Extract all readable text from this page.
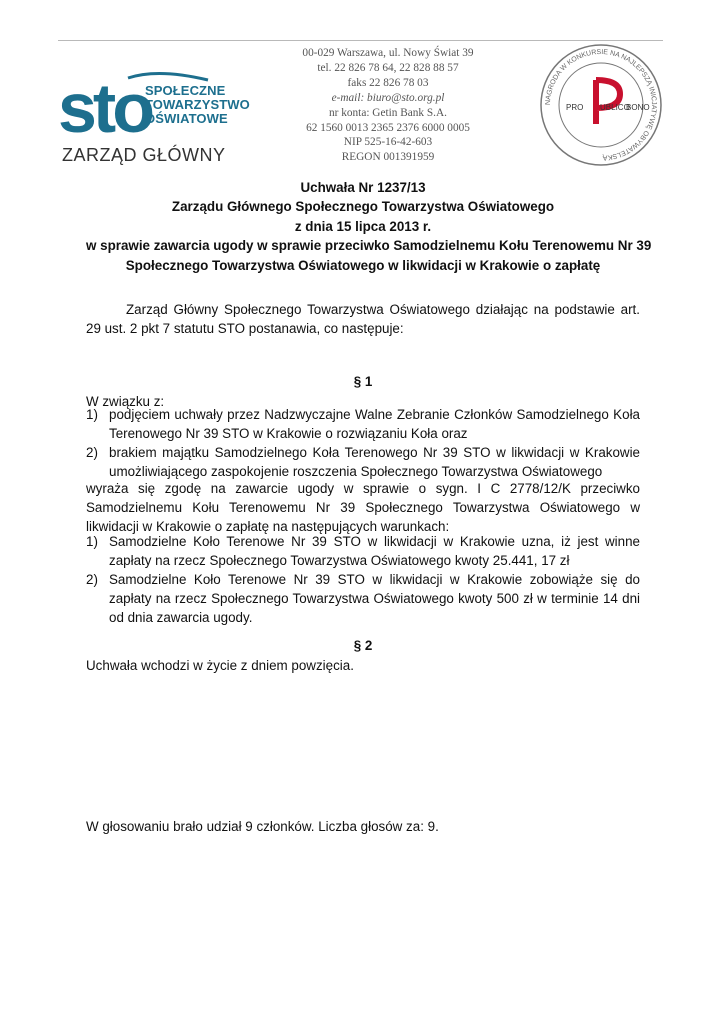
sto
SPOŁECZNE
TOWARZYSTWO
OŚWIATOWE
ZARZĄD GŁÓWNY
00-029 Warszawa, ul. Nowy Świat 39
tel. 22 826 78 64, 22 828 88 57
faks 22 826 78 03
e-mail: biuro@sto.org.pl
nr konta: Getin Bank S.A.
62 1560 0013 2365 2376 6000 0005
NIP 525-16-42-603
REGON 001391959
NAGRODA W KONKURSIE NA NAJLEPSZĄ INICJATYWĘ OBYWATELSKĄ
PRO UBLICO
BONO
Uchwała Nr 1237/13
Zarządu Głównego Społecznego Towarzystwa Oświatowego
z dnia 15 lipca 2013 r.
w sprawie zawarcia ugody w sprawie przeciwko Samodzielnemu Kołu Terenowemu Nr 39
Społecznego Towarzystwa Oświatowego w likwidacji w Krakowie o zapłatę
Zarząd Główny Społecznego Towarzystwa Oświatowego działając na podstawie art. 29 ust. 2 pkt 7 statutu STO postanawia, co następuje:
§ 1
W związku z:
1) podjęciem uchwały przez Nadzwyczajne Walne Zebranie Członków Samodzielnego Koła Terenowego Nr 39 STO w Krakowie o rozwiązaniu Koła oraz
2) brakiem majątku Samodzielnego Koła Terenowego Nr 39 STO w likwidacji w Krakowie umożliwiającego zaspokojenie roszczenia Społecznego Towarzystwa Oświatowego
wyraża się zgodę na zawarcie ugody w sprawie o sygn. I C 2778/12/K przeciwko Samodzielnemu Kołu Terenowemu Nr 39 Społecznego Towarzystwa Oświatowego w likwidacji w Krakowie o zapłatę na następujących warunkach:
1) Samodzielne Koło Terenowe Nr 39 STO w likwidacji w Krakowie uzna, iż jest winne zapłaty na rzecz Społecznego Towarzystwa Oświatowego kwoty 25.441, 17 zł
2) Samodzielne Koło Terenowe Nr 39 STO w likwidacji w Krakowie zobowiąże się do zapłaty na rzecz Społecznego Towarzystwa Oświatowego kwoty 500 zł w terminie 14 dni od dnia zawarcia ugody.
§ 2
Uchwała wchodzi w życie z dniem powzięcia.
W głosowaniu brało udział 9 członków. Liczba głosów za: 9.
